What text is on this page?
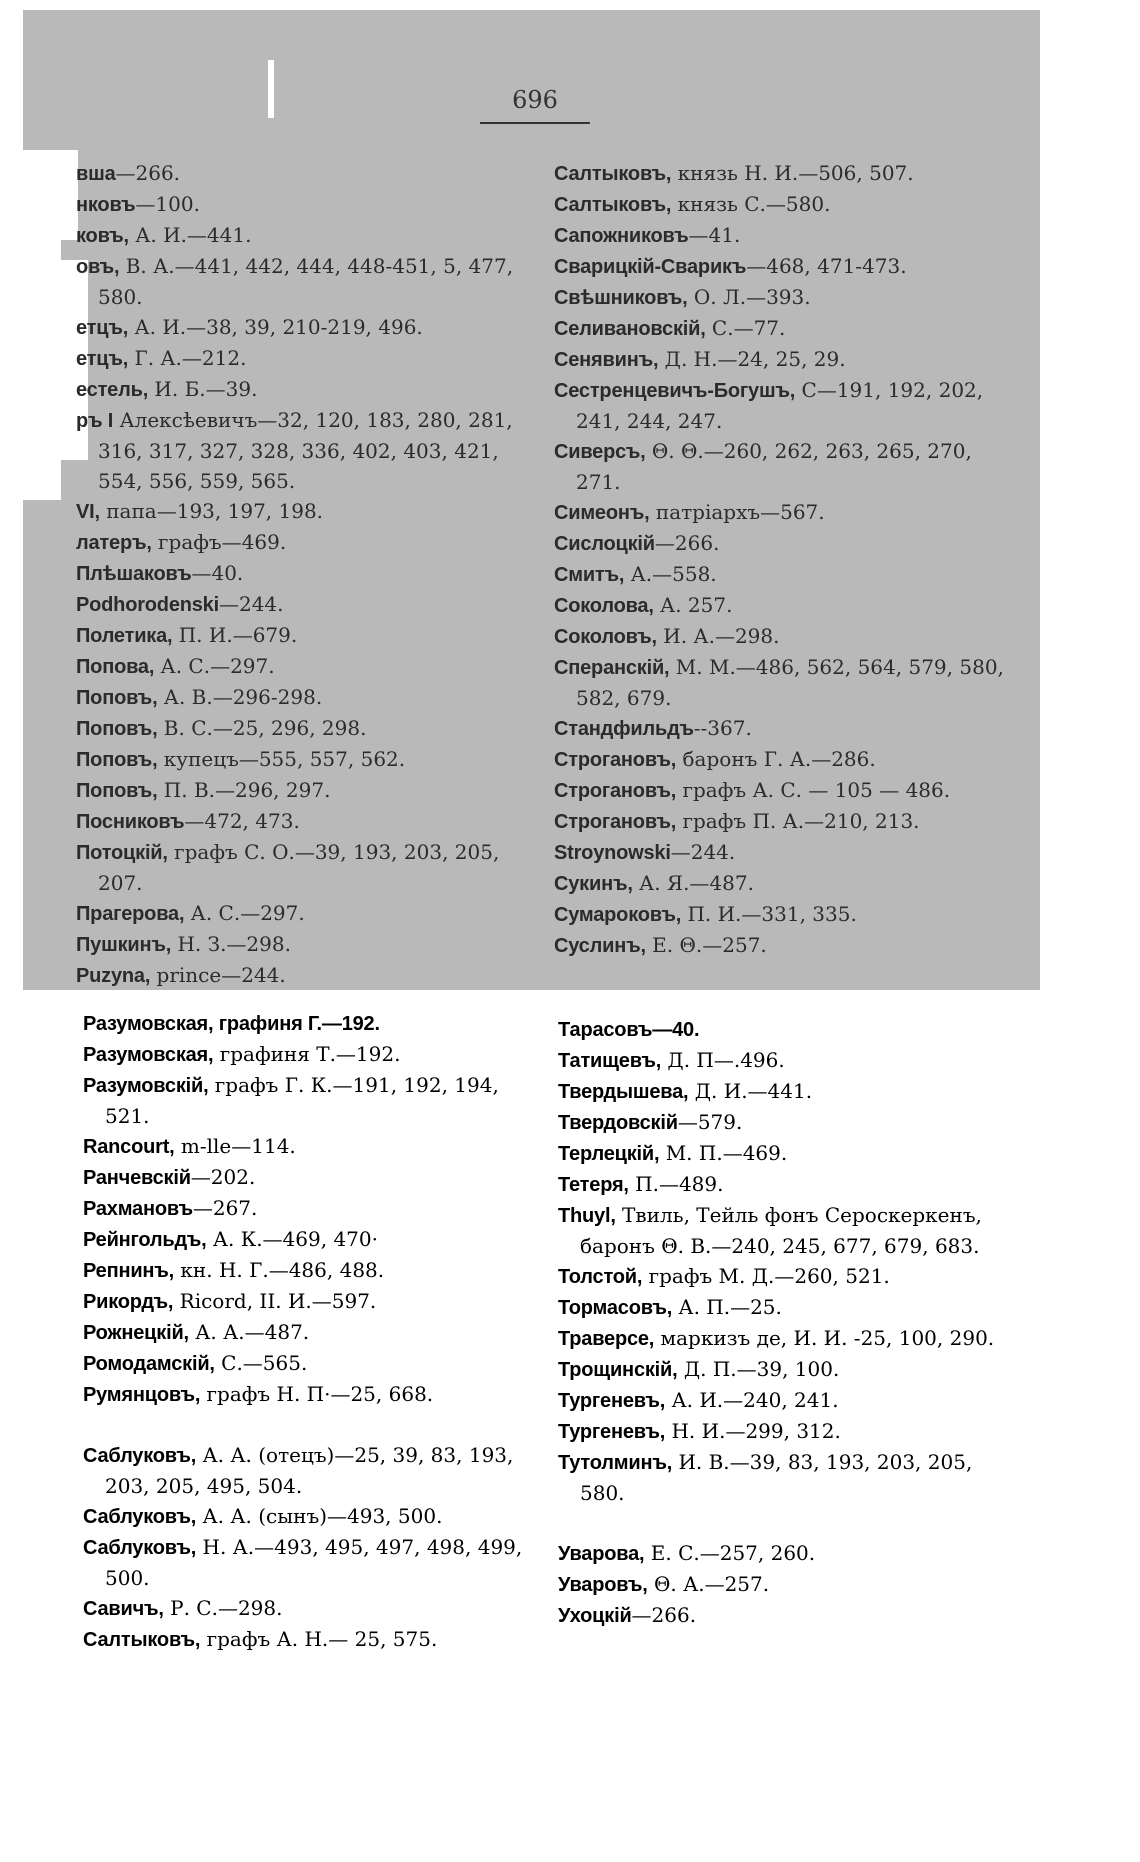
696
вша—266.
нковъ—100.
ковъ, А. И.—441.
овъ, В. А.—441, 442, 444, 448-451, 5, 477, 580.
етцъ, А. И.—38, 39, 210-219, 496.
етцъ, Г. А.—212.
естель, И. Б.—39.
ръ I Алексѣевичъ—32, 120, 183, 280, 281, 316, 317, 327, 328, 336, 402, 403, 421, 554, 556, 559, 565.
VI, папа—193, 197, 198.
латеръ, графъ—469.
Плѣшаковъ—40.
Podhorodenski—244.
Полетика, П. И.—679.
Попова, А. С.—297.
Поповъ, А. В.—296-298.
Поповъ, В. С.—25, 296, 298.
Поповъ, купецъ—555, 557, 562.
Поповъ, П. В.—296, 297.
Посниковъ—472, 473.
Потоцкій, графъ С. О.—39, 193, 203, 205, 207.
Прагерова, А. С.—297.
Пушкинъ, Н. З.—298.
Puzyna, prince—244.
Салтыковъ, князь Н. И.—506, 507.
Салтыковъ, князь С.—580.
Сапожниковъ—41.
Сварицкій-Сварикъ—468, 471-473.
Свѣшниковъ, О. Л.—393.
Селивановскій, С.—77.
Сенявинъ, Д. Н.—24, 25, 29.
Сестренцевичъ-Богушъ, С—191, 192, 202, 241, 244, 247.
Сиверсъ, Θ. Θ.—260, 262, 263, 265, 270, 271.
Симеонъ, патріархъ—567.
Сислоцкій—266.
Смитъ, А.—558.
Соколова, А. 257.
Соколовъ, И. А.—298.
Сперанскій, М. М.—486, 562, 564, 579, 580, 582, 679.
Стандфильдъ--367.
Строгановъ, баронъ Г. А.—286.
Строгановъ, графъ А. С. — 105 — 486.
Строгановъ, графъ П. А.—210, 213.
Stroynowski—244.
Сукинъ, А. Я.—487.
Сумароковъ, П. И.—331, 335.
Суслинъ, Е. Θ.—257.
Разумовская, графиня Г.—192.
Разумовская, графиня Т.—192.
Разумовскій, графъ Г. К.—191, 192, 194, 521.
Rancourt, m-lle—114.
Ранчевскій—202.
Рахмановъ—267.
Рейнгольдъ, А. К.—469, 470·
Репнинъ, кн. Н. Г.—486, 488.
Рикордъ, Ricord, II. И.—597.
Рожнецкій, А. А.—487.
Ромодамскій, С.—565.
Румянцовъ, графъ Н. П·—25, 668.
Саблуковъ, А. А. (отецъ)—25, 39, 83, 193, 203, 205, 495, 504.
Саблуковъ, А. А. (сынъ)—493, 500.
Саблуковъ, Н. А.—493, 495, 497, 498, 499, 500.
Савичъ, Р. С.—298.
Салтыковъ, графъ А. Н.— 25, 575.
Тарасовъ—40.
Татищевъ, Д. П—.496.
Твердышева, Д. И.—441.
Твердовскій—579.
Терлецкій, М. П.—469.
Тетеря, П.—489.
Thuyl, Твиль, Тейль фонъ Сероскеркенъ, баронъ Θ. В.—240, 245, 677, 679, 683.
Толстой, графъ М. Д.—260, 521.
Тормасовъ, А. П.—25.
Траверсе, маркизъ де, И. И. -25, 100, 290.
Трощинскій, Д. П.—39, 100.
Тургеневъ, А. И.—240, 241.
Тургеневъ, Н. И.—299, 312.
Тутолминъ, И. В.—39, 83, 193, 203, 205, 580.
Уварова, Е. С.—257, 260.
Уваровъ, Θ. А.—257.
Ухоцкій—266.
